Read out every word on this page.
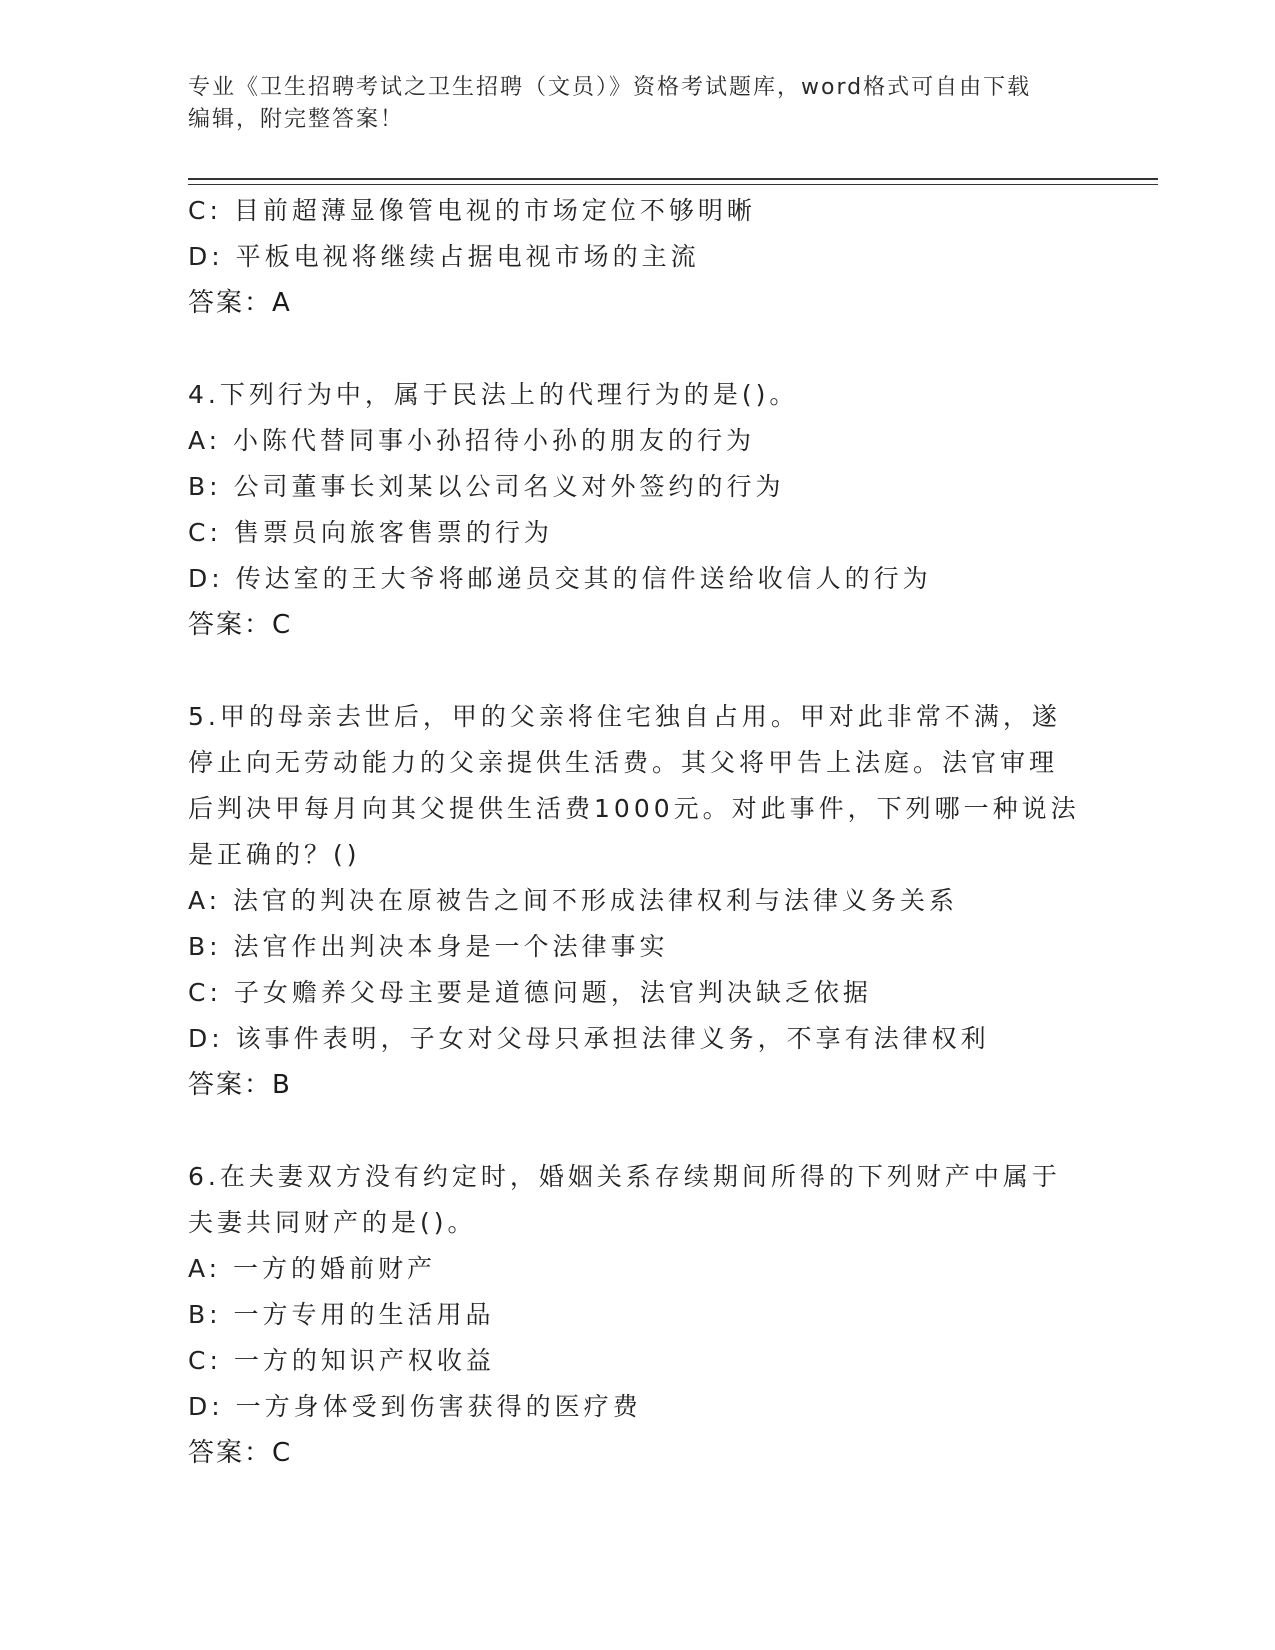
专业《卫生招聘考试之卫生招聘（文员）》资格考试题库，word格式可自由下载
编辑，附完整答案！
C: 目前超薄显像管电视的市场定位不够明晰
D: 平板电视将继续占据电视市场的主流
答案：A
4.下列行为中，属于民法上的代理行为的是()。
A: 小陈代替同事小孙招待小孙的朋友的行为
B: 公司董事长刘某以公司名义对外签约的行为
C: 售票员向旅客售票的行为
D: 传达室的王大爷将邮递员交其的信件送给收信人的行为
答案：C
5.甲的母亲去世后，甲的父亲将住宅独自占用。甲对此非常不满，遂
停止向无劳动能力的父亲提供生活费。其父将甲告上法庭。法官审理
后判决甲每月向其父提供生活费1000元。对此事件，下列哪一种说法
是正确的？()
A: 法官的判决在原被告之间不形成法律权利与法律义务关系
B: 法官作出判决本身是一个法律事实
C: 子女赡养父母主要是道德问题，法官判决缺乏依据
D: 该事件表明，子女对父母只承担法律义务，不享有法律权利
答案：B
6.在夫妻双方没有约定时，婚姻关系存续期间所得的下列财产中属于
夫妻共同财产的是()。
A: 一方的婚前财产
B: 一方专用的生活用品
C: 一方的知识产权收益
D: 一方身体受到伤害获得的医疗费
答案：C
